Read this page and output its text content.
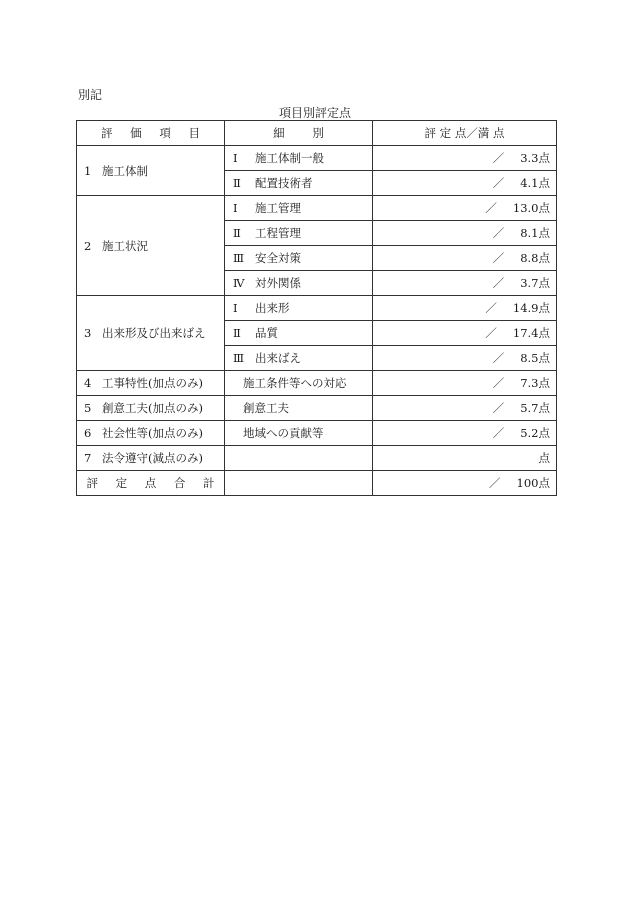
別記
項目別評定点
評 価 項 目	細 別	評 定 点／満 点
1 施工体制	Ⅰ 施工体制一般	／ 3.3点
	Ⅱ 配置技術者	／ 4.1点
2 施工状況	Ⅰ 施工管理	／ 13.0点
	Ⅱ 工程管理	／ 8.1点
	Ⅲ 安全対策	／ 8.8点
	Ⅳ 対外関係	／ 3.7点
3 出来形及び出来ばえ	Ⅰ 出来形	／ 14.9点
	Ⅱ 品質	／ 17.4点
	Ⅲ 出来ばえ	／ 8.5点
4 工事特性(加点のみ)	施工条件等への対応	／ 7.3点
5 創意工夫(加点のみ)	創意工夫	／ 5.7点
6 社会性等(加点のみ)	地域への貢献等	／ 5.2点
7 法令遵守(減点のみ)		点
評 定 点 合 計		／ 100点
